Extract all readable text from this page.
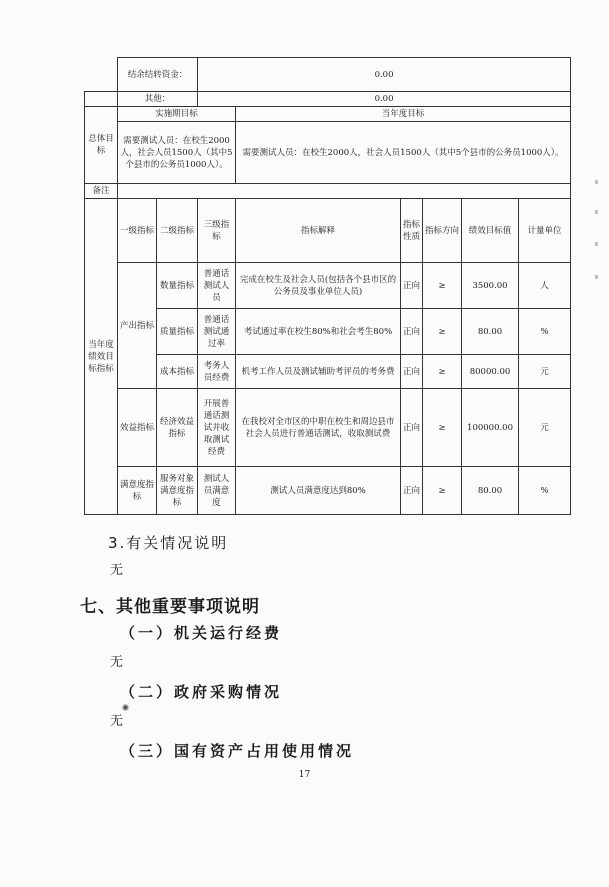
	结余结转资金：		0.00					
	其他：		0.00					
总体目标	实施期目标			当年度目标				
	需要测试人员：在校生2000人，社会人员1500人（其中5个县市的公务员1000人）。			需要测试人员：在校生2000人，社会人员1500人（其中5个县市的公务员1000人）。				
备注								
当年度绩效目标指标	一级指标	二级指标	三级指标	指标解释	指标性质	指标方向	绩效目标值	计量单位
	产出指标	数量指标	普通话测试人员	完成在校生及社会人员(包括各个县市区的公务员及事业单位人员)	正向	≥	3500.00	人
		质量指标	普通话测试通过率	考试通过率在校生80%和社会考生80%	正向	≥	80.00	%
		成本指标	考务人员经费	机考工作人员及测试辅助考评员的考务费	正向	≥	80000.00	元
	效益指标	经济效益指标	开展普通话测试并收取测试经费	在我校对全市区的中职在校生和周边县市社会人员进行普通话测试，收取测试费	正向	≥	100000.00	元
	满意度指标	服务对象满意度指标	测试人员满意度	测试人员满意度达到80%	正向	≥	80.00	%
3.有关情况说明
无
七、其他重要事项说明
（一）机关运行经费
无
（二）政府采购情况
无
（三）国有资产占用使用情况
17
